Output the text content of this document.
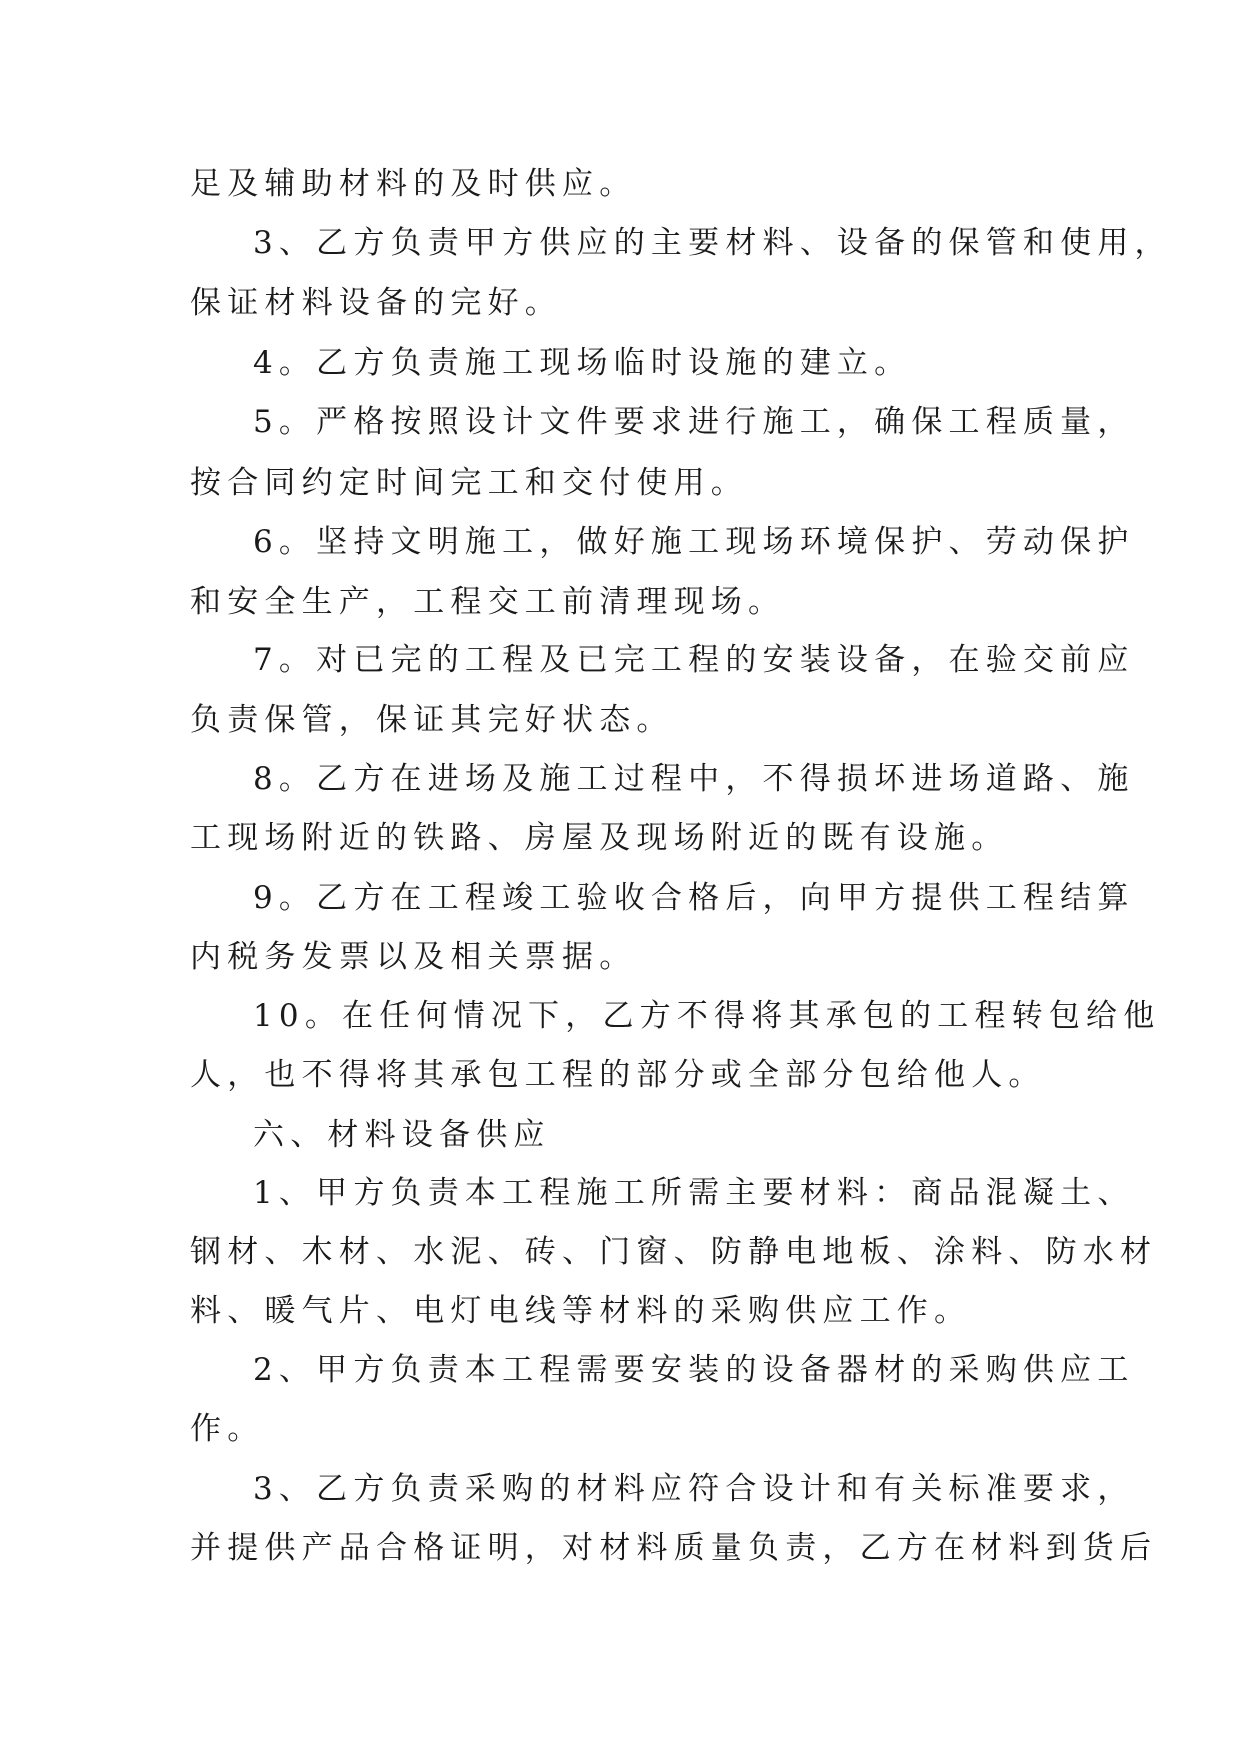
足及辅助材料的及时供应。

3、乙方负责甲方供应的主要材料、设备的保管和使用，

保证材料设备的完好。

4。乙方负责施工现场临时设施的建立。

5。严格按照设计文件要求进行施工，确保工程质量，

按合同约定时间完工和交付使用。

6。坚持文明施工，做好施工现场环境保护、劳动保护

和安全生产，工程交工前清理现场。

7。对已完的工程及已完工程的安装设备，在验交前应

负责保管，保证其完好状态。

8。乙方在进场及施工过程中，不得损坏进场道路、施

工现场附近的铁路、房屋及现场附近的既有设施。

9。乙方在工程竣工验收合格后，向甲方提供工程结算

内税务发票以及相关票据。

10。在任何情况下，乙方不得将其承包的工程转包给他

人，也不得将其承包工程的部分或全部分包给他人。

六、材料设备供应

1、甲方负责本工程施工所需主要材料：商品混凝土、

钢材、木材、水泥、砖、门窗、防静电地板、涂料、防水材

料、暖气片、电灯电线等材料的采购供应工作。

2、甲方负责本工程需要安装的设备器材的采购供应工

作。

3、乙方负责采购的材料应符合设计和有关标准要求，

并提供产品合格证明，对材料质量负责，乙方在材料到货后
